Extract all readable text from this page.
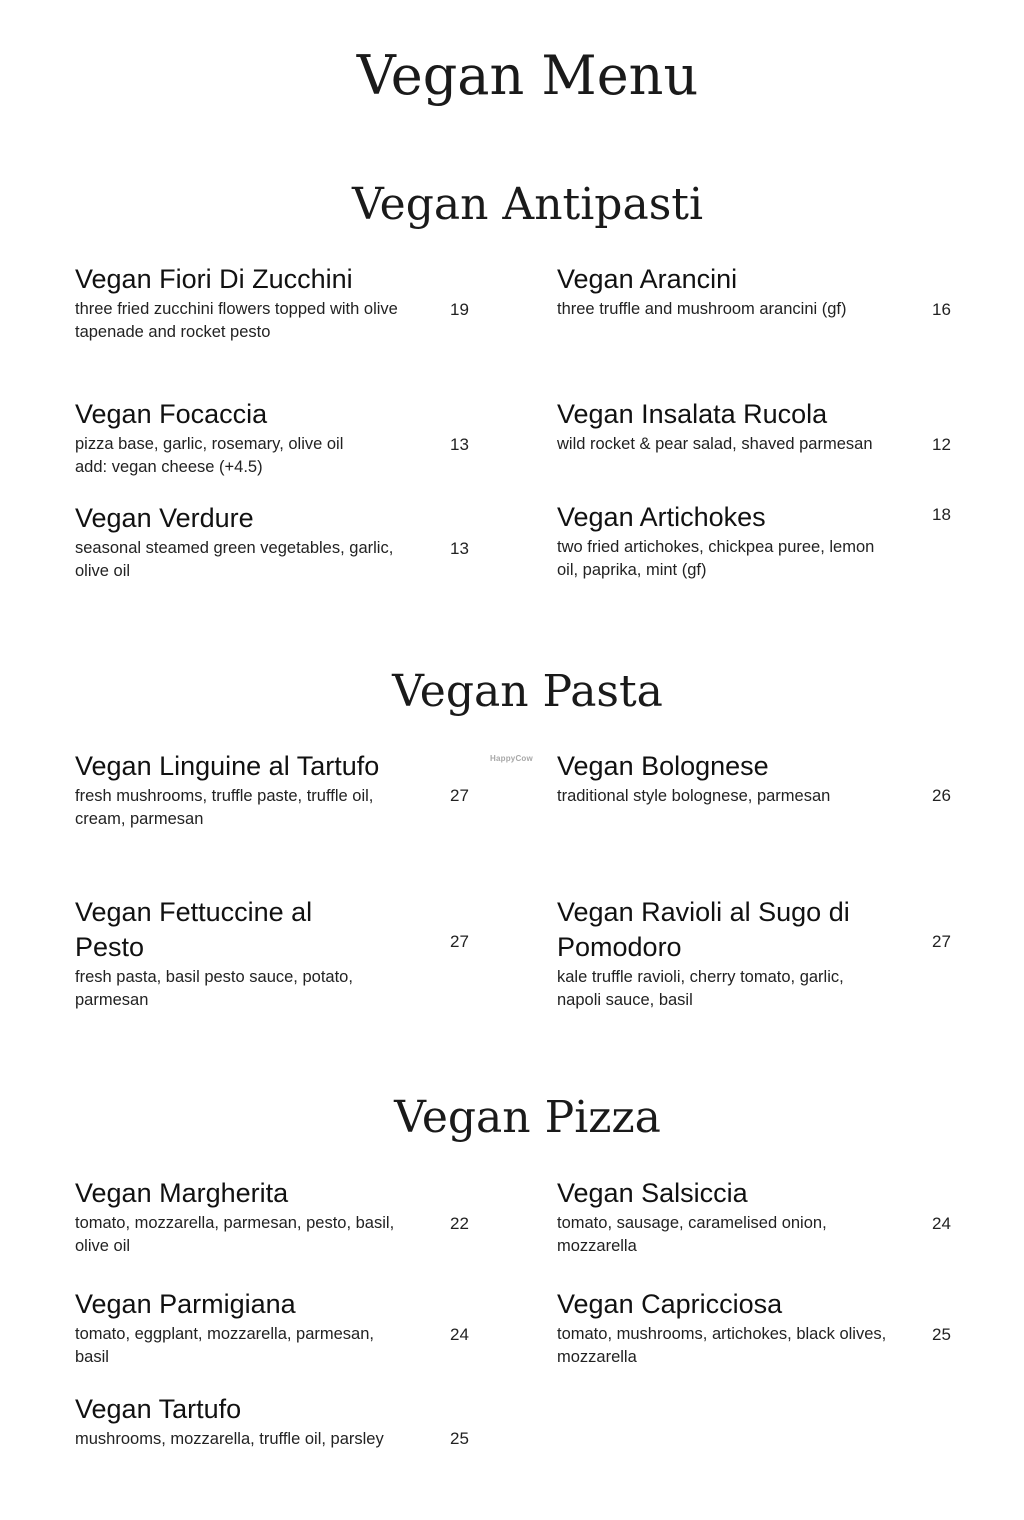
Vegan Menu
Vegan Antipasti
Vegan Fiori Di Zucchini
three fried zucchini flowers topped with olive tapenade and rocket pesto
19
Vegan Arancini
three truffle and mushroom arancini (gf)	16
Vegan Focaccia
pizza base, garlic, rosemary, olive oil
add: vegan cheese (+4.5)
13
Vegan Insalata Rucola
wild rocket & pear salad, shaved parmesan	12
Vegan Verdure
seasonal steamed green vegetables, garlic, olive oil
13
Vegan Artichokes
two fried artichokes, chickpea puree, lemon oil, paprika, mint (gf)
18
Vegan Pasta
HappyCow
Vegan Linguine al Tartufo
fresh mushrooms, truffle paste, truffle oil, cream, parmesan
27
Vegan Bolognese
traditional style bolognese, parmesan	26
Vegan Fettuccine al Pesto
fresh pasta, basil pesto sauce, potato, parmesan
27
Vegan Ravioli al Sugo di Pomodoro
kale truffle ravioli, cherry tomato, garlic, napoli sauce, basil
27
Vegan Pizza
Vegan Margherita
tomato, mozzarella, parmesan, pesto, basil, olive oil
22
Vegan Salsiccia
tomato, sausage, caramelised onion, mozzarella
24
Vegan Parmigiana
tomato, eggplant, mozzarella, parmesan, basil
24
Vegan Capricciosa
tomato, mushrooms, artichokes, black olives, mozzarella
25
Vegan Tartufo
mushrooms, mozzarella, truffle oil, parsley	25
